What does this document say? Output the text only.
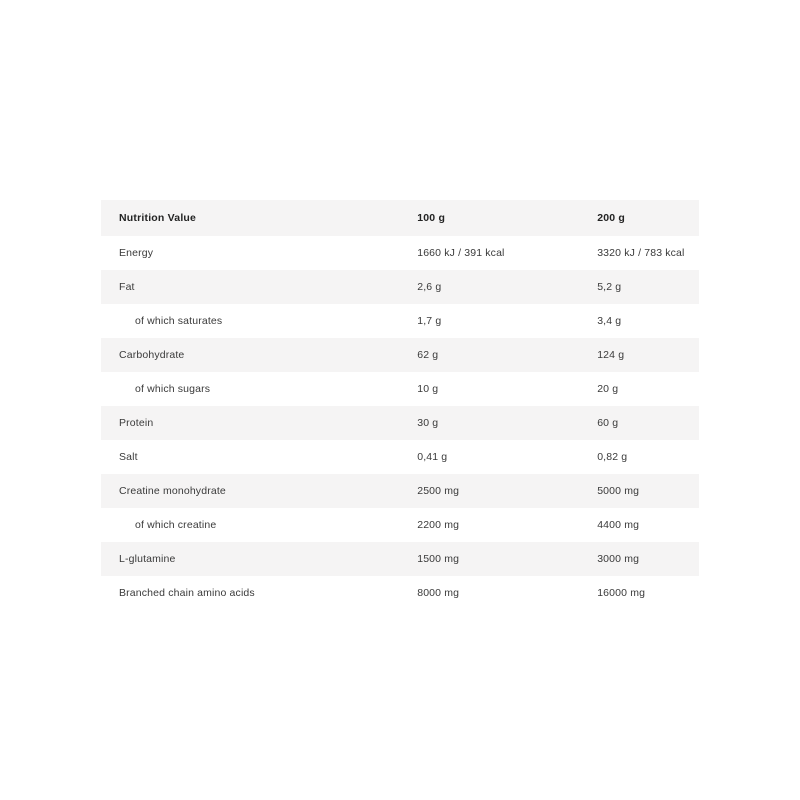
Nutrition Value	100 g	200 g
Energy	1660 kJ / 391 kcal	3320 kJ / 783 kcal
Fat	2,6 g	5,2 g
of which saturates	1,7 g	3,4 g
Carbohydrate	62 g	124 g
of which sugars	10 g	20 g
Protein	30 g	60 g
Salt	0,41 g	0,82 g
Creatine monohydrate	2500 mg	5000 mg
of which creatine	2200 mg	4400 mg
L-glutamine	1500 mg	3000 mg
Branched chain amino acids	8000 mg	16000 mg
